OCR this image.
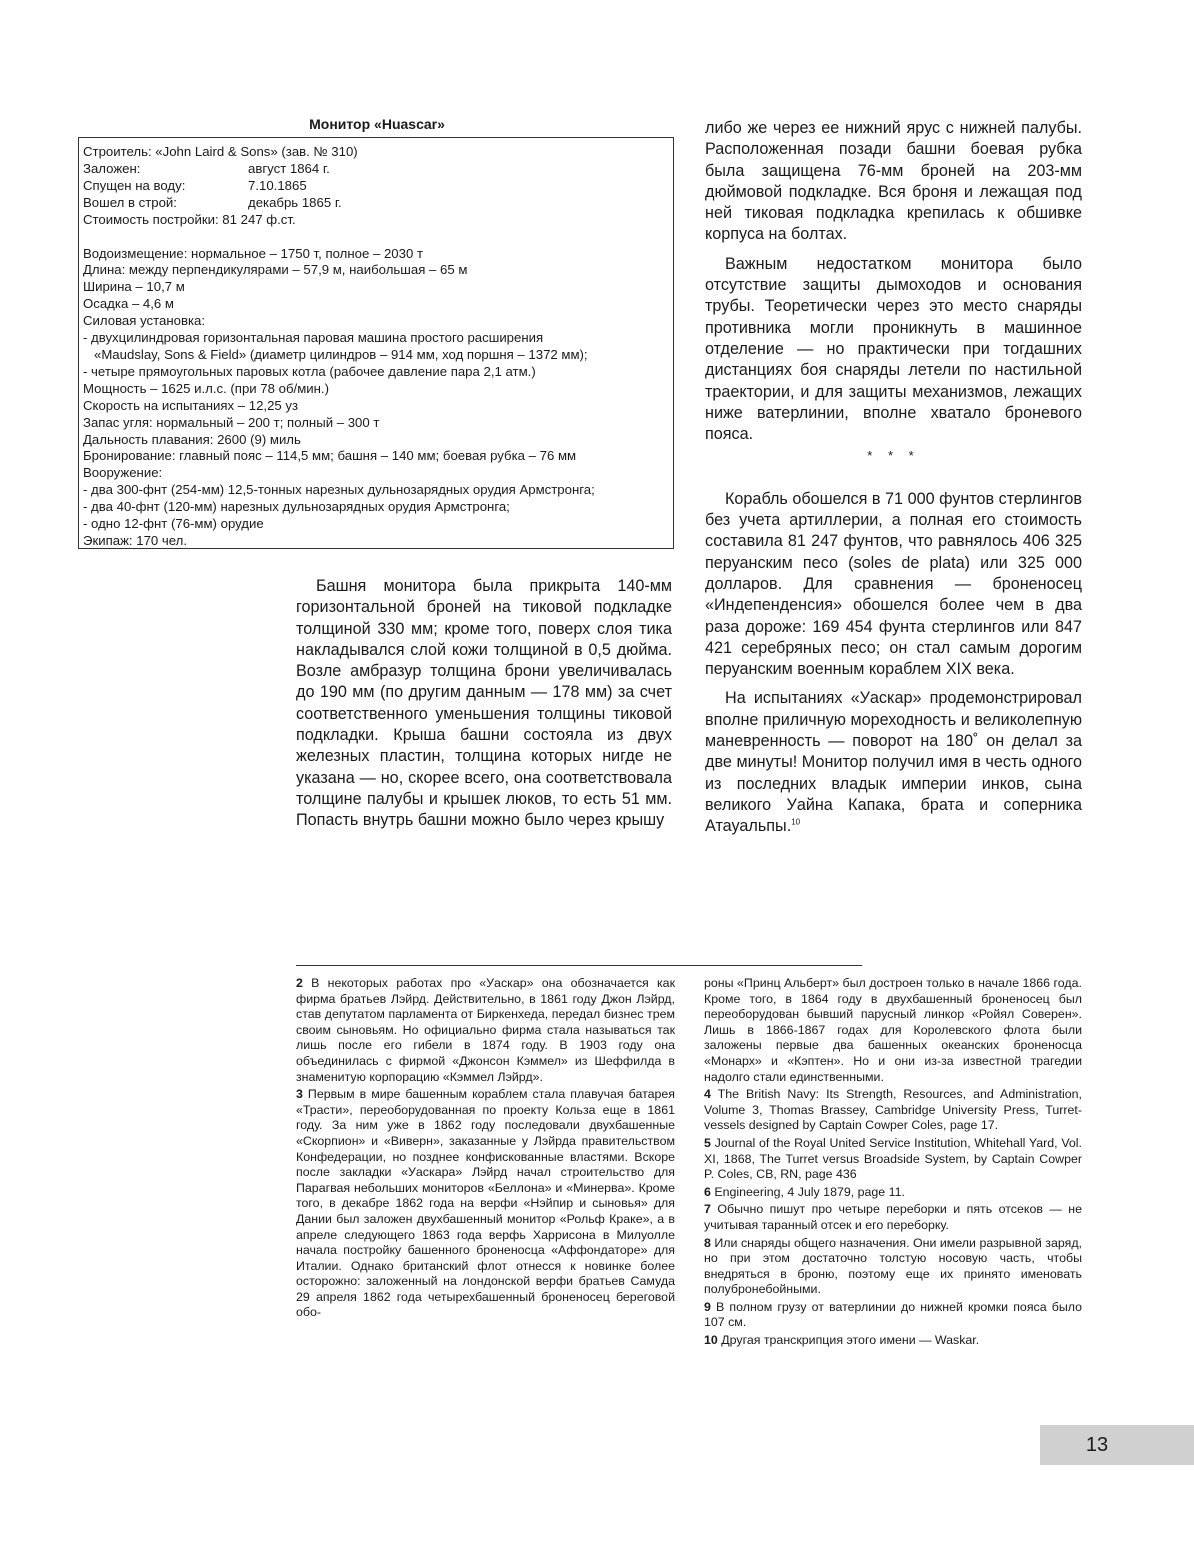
Монитор «Huascar»
Строитель: «John Laird & Sons» (зав. № 310)
Заложен:	август 1864 г.
Спущен на воду:	7.10.1865
Вошел в строй:	декабрь 1865 г.
Стоимость постройки: 81 247 ф.ст.
Водоизмещение: нормальное – 1750 т, полное – 2030 т
Длина: между перпендикулярами – 57,9 м, наибольшая – 65 м
Ширина – 10,7 м
Осадка – 4,6 м
Силовая установка:
- двухцилиндровая горизонтальная паровая машина простого расширения
«Maudslay, Sons & Field» (диаметр цилиндров – 914 мм, ход поршня – 1372 мм);
- четыре прямоугольных паровых котла (рабочее давление пара 2,1 атм.)
Мощность – 1625 и.л.с. (при 78 об/мин.)
Скорость на испытаниях – 12,25 уз
Запас угля: нормальный – 200 т; полный – 300 т
Дальность плавания: 2600 (9) миль
Бронирование: главный пояс – 114,5 мм; башня – 140 мм; боевая рубка – 76 мм
Вооружение:
- два 300-фнт (254-мм) 12,5-тонных нарезных дульнозарядных орудия Армстронга;
- два 40-фнт (120-мм) нарезных дульнозарядных орудия Армстронга;
- одно 12-фнт (76-мм) орудие
Экипаж: 170 чел.

Башня монитора была прикрыта 140-мм горизонтальной броней на тиковой подкладке толщиной 330 мм; кроме того, поверх слоя тика накладывался слой кожи толщиной в 0,5 дюйма. Возле амбразур толщина брони увеличивалась до 190 мм (по другим данным — 178 мм) за счет соответственного уменьшения толщины тиковой подкладки. Крыша башни состояла из двух железных пластин, толщина которых нигде не указана — но, скорее всего, она соответствовала толщине палубы и крышек люков, то есть 51 мм. Попасть внутрь башни можно было через крышу

либо же через ее нижний ярус с нижней палубы. Расположенная позади башни боевая рубка была защищена 76-мм броней на 203-мм дюймовой подкладке. Вся броня и лежащая под ней тиковая подкладка крепилась к обшивке корпуса на болтах.

Важным недостатком монитора было отсутствие защиты дымоходов и основания трубы. Теоретически через это место снаряды противника могли проникнуть в машинное отделение — но практически при тогдашних дистанциях боя снаряды летели по настильной траектории, и для защиты механизмов, лежащих ниже ватерлинии, вполне хватало броневого пояса.

* * *

Корабль обошелся в 71 000 фунтов стерлингов без учета артиллерии, а полная его стоимость составила 81 247 фунтов, что равнялось 406 325 перуанским песо (soles de plata) или 325 000 долларов. Для сравнения — броненосец «Индепенденсия» обошелся более чем в два раза дороже: 169 454 фунта стерлингов или 847 421 серебряных песо; он стал самым дорогим перуанским военным кораблем XIX века.

На испытаниях «Уаскар» продемонстрировал вполне приличную мореходность и великолепную маневренность — поворот на 180˚ он делал за две минуты! Монитор получил имя в честь одного из последних владык империи инков, сына великого Уайна Капака, брата и соперника Атауальпы.$^{10}$

2 В некоторых работах про «Уаскар» она обозначается как фирма братьев Лэйрд. Действительно, в 1861 году Джон Лэйрд, став депутатом парламента от Биркенхеда, передал бизнес трем своим сыновьям. Но официально фирма стала называться так лишь после его гибели в 1874 году. В 1903 году она объединилась с фирмой «Джонсон Кэммел» из Шеффилда в знаменитую корпорацию «Кэммел Лэйрд».

3 Первым в мире башенным кораблем стала плавучая батарея «Трасти», переоборудованная по проекту Кольза еще в 1861 году. За ним уже в 1862 году последовали двухбашенные «Скорпион» и «Виверн», заказанные у Лэйрда правительством Конфедерации, но позднее конфискованные властями. Вскоре после закладки «Уаскара» Лэйрд начал строительство для Парагвая небольших мониторов «Беллона» и «Минерва». Кроме того, в декабре 1862 года на верфи «Нэйпир и сыновья» для Дании был заложен двухбашенный монитор «Рольф Краке», а в апреле следующего 1863 года верфь Харрисона в Милуолле начала постройку башенного броненосца «Аффондаторе» для Италии. Однако британский флот отнесся к новинке более осторожно: заложенный на лондонской верфи братьев Самуда 29 апреля 1862 года четырехбашенный броненосец береговой обо-

роны «Принц Альберт» был достроен только в начале 1866 года. Кроме того, в 1864 году в двухбашенный броненосец был переоборудован бывший парусный линкор «Ройял Соверен». Лишь в 1866-1867 годах для Королевского флота были заложены первые два башенных океанских броненосца «Монарх» и «Кэптен». Но и они из-за известной трагедии надолго стали единственными.

4 The British Navy: Its Strength, Resources, and Administration, Volume 3, Thomas Brassey, Cambridge University Press, Turret-vessels designed by Captain Cowper Coles, page 17.

5 Journal of the Royal United Service Institution, Whitehall Yard, Vol. XI, 1868, The Turret versus Broadside System, by Captain Cowper P. Coles, CB, RN, page 436

6 Engineering, 4 July 1879, page 11.

7 Обычно пишут про четыре переборки и пять отсеков — не учитывая таранный отсек и его переборку.

8 Или снаряды общего назначения. Они имели разрывной заряд, но при этом достаточно толстую носовую часть, чтобы внедряться в броню, поэтому еще их принято именовать полубронебойными.

9 В полном грузу от ватерлинии до нижней кромки пояса было 107 см.

10 Другая транскрипция этого имени — Waskar.

13
